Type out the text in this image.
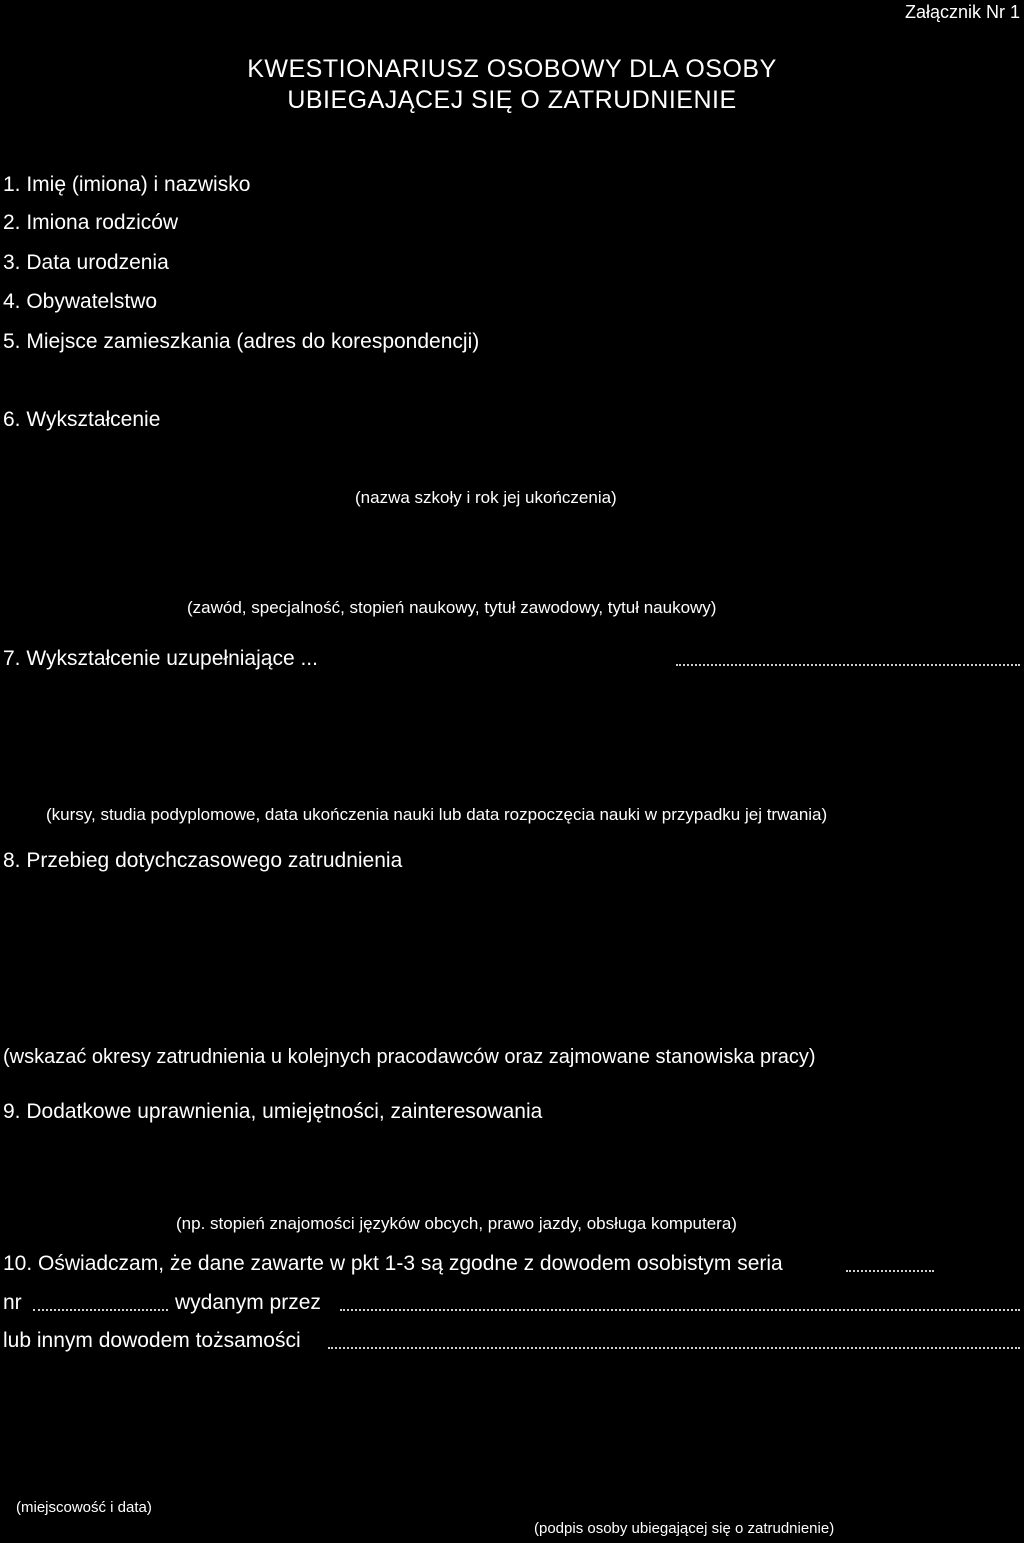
Załącznik Nr 1
KWESTIONARIUSZ OSOBOWY DLA OSOBY
UBIEGAJĄCEJ SIĘ O ZATRUDNIENIE
1. Imię (imiona) i nazwisko
2. Imiona rodziców
3. Data urodzenia
4. Obywatelstwo
5. Miejsce zamieszkania (adres do korespondencji)
6. Wykształcenie
(nazwa szkoły i rok jej ukończenia)
(zawód, specjalność, stopień naukowy, tytuł zawodowy, tytuł naukowy)
7. Wykształcenie uzupełniające ...
(kursy, studia podyplomowe, data ukończenia nauki lub data rozpoczęcia nauki w przypadku jej trwania)
8. Przebieg dotychczasowego zatrudnienia
(wskazać okresy zatrudnienia u kolejnych pracodawców oraz zajmowane stanowiska pracy)
9. Dodatkowe uprawnienia, umiejętności, zainteresowania
(np. stopień znajomości języków obcych, prawo jazdy, obsługa komputera)
10. Oświadczam, że dane zawarte w pkt 1-3 są zgodne z dowodem osobistym seria
nr	wydanym przez
lub innym dowodem tożsamości
(miejscowość i data)
(podpis osoby ubiegającej się o zatrudnienie)
